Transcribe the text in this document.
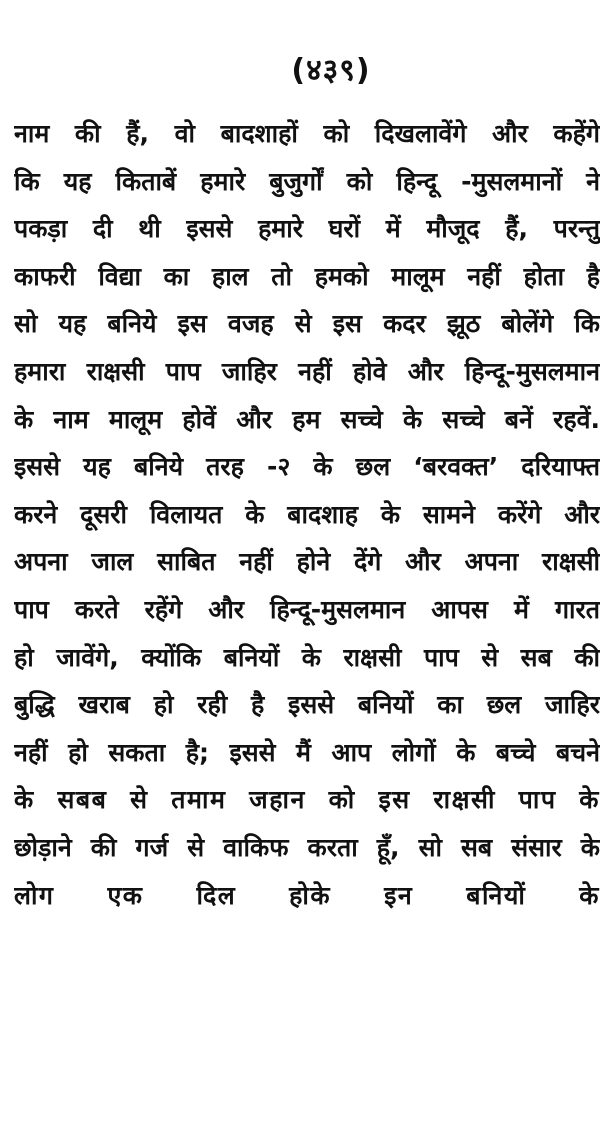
(४३९)
नाम की हैं, वो बादशाहों को दिखलावेंगे और कहेंगे
कि यह किताबें हमारे बुजुर्गों को हिन्दू -मुसलमानों ने
पकड़ा दी थी इससे हमारे घरों में मौजूद हैं, परन्तु
काफरी विद्या का हाल तो हमको मालूम नहीं होता है
सो यह बनिये इस वजह से इस कदर झूठ बोलेंगे कि
हमारा राक्षसी पाप जाहिर नहीं होवे और हिन्दू-मुसलमान
के नाम मालूम होवें और हम सच्चे के सच्चे बनें रहवें.
इससे यह बनिये तरह -२ के छल ‘बरवक्त’ दरियाफ्त
करने दूसरी विलायत के बादशाह के सामने करेंगे और
अपना जाल साबित नहीं होने देंगे और अपना राक्षसी
पाप करते रहेंगे और हिन्दू-मुसलमान आपस में गारत
हो जावेंगे, क्योंकि बनियों के राक्षसी पाप से सब की
बुद्धि खराब हो रही है इससे बनियों का छल जाहिर
नहीं हो सकता है; इससे मैं आप लोगों के बच्चे बचने
के सबब से तमाम जहान को इस राक्षसी पाप के
छोड़ाने की गर्ज से वाकिफ करता हूँ, सो सब संसार के
लोग एक दिल होके इन बनियों के
